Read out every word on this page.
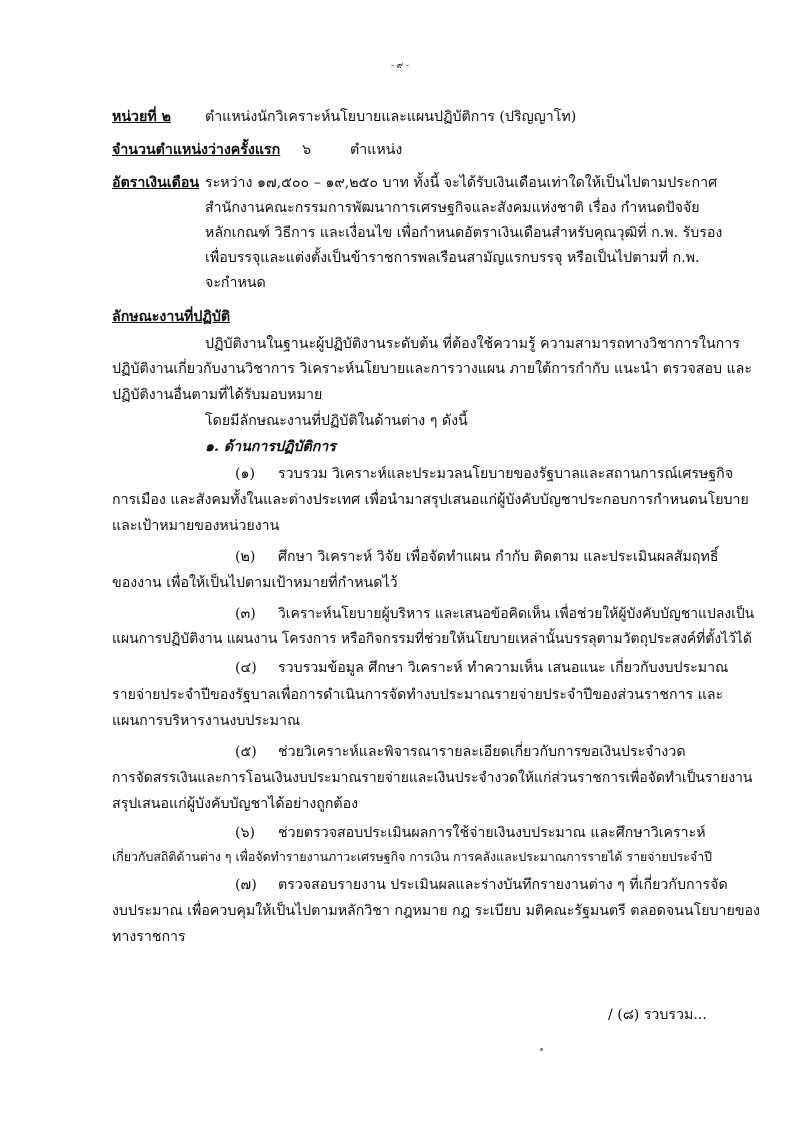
- ๙ -
หน่วยที่ ๒ ตำแหน่งนักวิเคราะห์นโยบายและแผนปฏิบัติการ (ปริญญาโท)
จำนวนตำแหน่งว่างครั้งแรก ๖	ตำแหน่ง
อัตราเงินเดือน ระหว่าง ๑๗,๕๐๐ – ๑๙,๒๕๐ บาท ทั้งนี้ จะได้รับเงินเดือนเท่าใดให้เป็นไปตามประกาศ
สำนักงานคณะกรรมการพัฒนาการเศรษฐกิจและสังคมแห่งชาติ เรื่อง กำหนดปัจจัย
หลักเกณฑ์ วิธีการ และเงื่อนไข เพื่อกำหนดอัตราเงินเดือนสำหรับคุณวุฒิที่ ก.พ. รับรอง
เพื่อบรรจุและแต่งตั้งเป็นข้าราชการพลเรือนสามัญแรกบรรจุ หรือเป็นไปตามที่ ก.พ.
จะกำหนด
ลักษณะงานที่ปฏิบัติ
ปฏิบัติงานในฐานะผู้ปฏิบัติงานระดับต้น ที่ต้องใช้ความรู้ ความสามารถทางวิชาการในการ
ปฏิบัติงานเกี่ยวกับงานวิชาการ วิเคราะห์นโยบายและการวางแผน ภายใต้การกำกับ แนะนำ ตรวจสอบ และ
ปฏิบัติงานอื่นตามที่ได้รับมอบหมาย
โดยมีลักษณะงานที่ปฏิบัติในด้านต่าง ๆ ดังนี้
๑. ด้านการปฏิบัติการ
(๑) รวบรวม วิเคราะห์และประมวลนโยบายของรัฐบาลและสถานการณ์เศรษฐกิจ
การเมือง และสังคมทั้งในและต่างประเทศ เพื่อนำมาสรุปเสนอแก่ผู้บังคับบัญชาประกอบการกำหนดนโยบาย
และเป้าหมายของหน่วยงาน
(๒) ศึกษา วิเคราะห์ วิจัย เพื่อจัดทำแผน กำกับ ติดตาม และประเมินผลสัมฤทธิ์
ของงาน เพื่อให้เป็นไปตามเป้าหมายที่กำหนดไว้
(๓) วิเคราะห์นโยบายผู้บริหาร และเสนอข้อคิดเห็น เพื่อช่วยให้ผู้บังคับบัญชาแปลงเป็น
แผนการปฏิบัติงาน แผนงาน โครงการ หรือกิจกรรมที่ช่วยให้นโยบายเหล่านั้นบรรลุตามวัตถุประสงค์ที่ตั้งไว้ได้
(๔) รวบรวมข้อมูล ศึกษา วิเคราะห์ ทำความเห็น เสนอแนะ เกี่ยวกับงบประมาณ
รายจ่ายประจำปีของรัฐบาลเพื่อการดำเนินการจัดทำงบประมาณรายจ่ายประจำปีของส่วนราชการ และ
แผนการบริหารงานงบประมาณ
(๕) ช่วยวิเคราะห์และพิจารณารายละเอียดเกี่ยวกับการขอเงินประจำงวด
การจัดสรรเงินและการโอนเงินงบประมาณรายจ่ายและเงินประจำงวดให้แก่ส่วนราชการเพื่อจัดทำเป็นรายงาน
สรุปเสนอแก่ผู้บังคับบัญชาได้อย่างถูกต้อง
(๖) ช่วยตรวจสอบประเมินผลการใช้จ่ายเงินงบประมาณ และศึกษาวิเคราะห์
เกี่ยวกับสถิติด้านต่าง ๆ เพื่อจัดทำรายงานภาวะเศรษฐกิจ การเงิน การคลังและประมาณการรายได้ รายจ่ายประจำปี
(๗) ตรวจสอบรายงาน ประเมินผลและร่างบันทึกรายงานต่าง ๆ ที่เกี่ยวกับการจัด
งบประมาณ เพื่อควบคุมให้เป็นไปตามหลักวิชา กฎหมาย กฎ ระเบียบ มติคณะรัฐมนตรี ตลอดจนนโยบายของ
ทางราชการ
/ (๘) รวบรวม...
